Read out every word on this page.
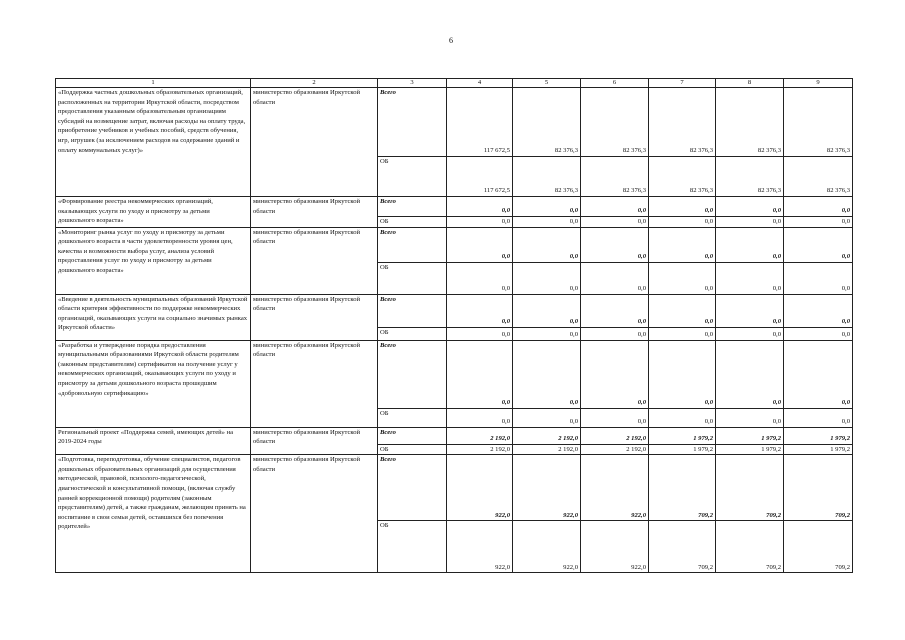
6
1	2	3	4	5	6	7	8	9
«Поддержка частных дошкольных образовательных организаций, расположенных на территории Иркутской области, посредством предоставления указанным образовательным организациям субсидий на возмещение затрат, включая расходы на оплату труда, приобретение учебников и учебных пособий, средств обучения, игр, игрушек (за исключением расходов на содержание зданий и оплату коммунальных услуг)»	министерство образования Иркутской области	Всего	117 672,5	82 376,3	82 376,3	82 376,3	82 376,3	82 376,3
		ОБ	117 672,5	82 376,3	82 376,3	82 376,3	82 376,3	82 376,3
«Формирование реестра некоммерческих организаций, оказывающих услуги по уходу и присмотру за детьми дошкольного возраста»	министерство образования Иркутской области	Всего	0,0	0,0	0,0	0,0	0,0	0,0
		ОБ	0,0	0,0	0,0	0,0	0,0	0,0
«Мониторинг рынка услуг по уходу и присмотру за детьми дошкольного возраста в части удовлетворенности уровня цен, качества и возможности выбора услуг, анализа условий предоставления услуг по уходу и присмотру за детьми дошкольного возраста»	министерство образования Иркутской области	Всего	0,0	0,0	0,0	0,0	0,0	0,0
		ОБ	0,0	0,0	0,0	0,0	0,0	0,0
«Введение в деятельность муниципальных образований Иркутской области критерия эффективности по поддержке некоммерческих организаций, оказывающих услуги на социально значимых рынках Иркутской области»	министерство образования Иркутской области	Всего	0,0	0,0	0,0	0,0	0,0	0,0
		ОБ	0,0	0,0	0,0	0,0	0,0	0,0
«Разработка и утверждение порядка предоставления муниципальными образованиями Иркутской области родителям (законным представителям) сертификатов на получение услуг у некоммерческих организаций, оказывающих услуги по уходу и присмотру за детьми дошкольного возраста прошедшим «добровольную сертификацию»	министерство образования Иркутской области	Всего	0,0	0,0	0,0	0,0	0,0	0,0
		ОБ	0,0	0,0	0,0	0,0	0,0	0,0
Региональный проект «Поддержка семей, имеющих детей» на 2019-2024 годы	министерство образования Иркутской области	Всего	2 192,0	2 192,0	2 192,0	1 979,2	1 979,2	1 979,2
		ОБ	2 192,0	2 192,0	2 192,0	1 979,2	1 979,2	1 979,2
«Подготовка, переподготовка, обучение специалистов, педагогов дошкольных образовательных организаций для осуществления методической, правовой, психолого-педагогической, диагностической и консультативной помощи, (включая службу ранней коррекционной помощи) родителям (законным представителям) детей, а также гражданам, желающим принять на воспитание в свои семьи детей, оставшихся без попечения родителей»	министерство образования Иркутской области	Всего	922,0	922,0	922,0	709,2	709,2	709,2
		ОБ	922,0	922,0	922,0	709,2	709,2	709,2
